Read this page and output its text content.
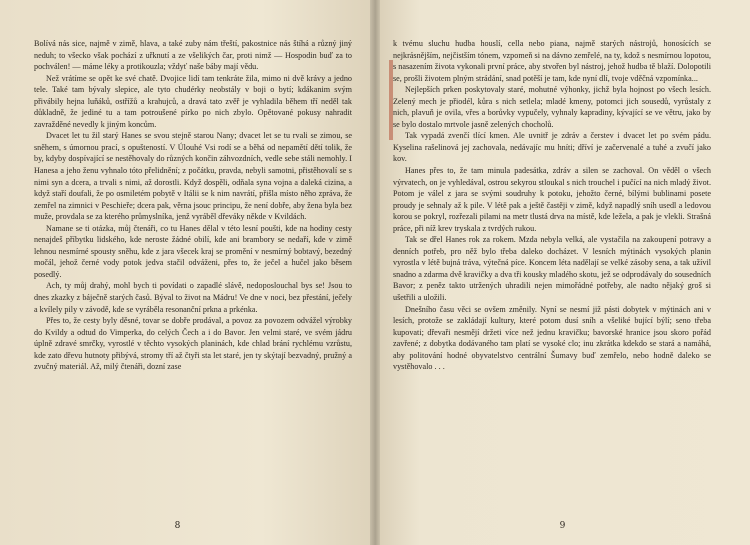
Bolívá nás sice, najmě v zimě, hlava, a také zuby nám třeští, pakostnice nás štíhá a různý jiný neduh; to všecko však pochází z uřknutí a ze všelikých čar, proti nimž — Hospodin buď za to pochválen! — máme léky a protikouzla; vždyť naše báby mají vědu.

Než vrátíme se opět ke své chatě. Dvojice lidí tam tenkráte žila, mimo ni dvě krávy a jedno tele. Také tam bývaly slepice, ale tyto chudérky neobstály v boji o bytí; kdákanim svým přivábily hejna luňáků, ostřížů a krahujců, a dravá tato zvěř je vyhladila během tří neděl tak důkladně, že jediné tu a tam potroušené pírko po nich zbylo. Opětované pokusy nahradit zavražděné nevedly k jiným koncům.

Dvacet let tu žil starý Hanes se svou stejně starou Nany; dvacet let se tu rvali se zimou, se sněhem, s úmornou prací, s opušteností. V Úlouhé Vsi rodí se a běhá od nepamětí dětí tolik, že by, kdyby dospívající se nestěhovaly do různých končin záhvozdních, vedle sebe stáli nemohly. I Hanesa a jeho ženu vyhnalo tóto přelidnění; z počátku, pravda, nebyli samotni, přistěhovalí se s nimi syn a dcera, a trvali s nimi, až dorostli. Když dospěli, odňala syna vojna a daleká cizina, a když staří doufali, že po osmiletém pobytě v Itálii se k nim navrátí, přišla místo něho zpráva, že zemřel na zimnici v Peschieře; dcera pak, věrna jsouc principu, že není dobře, aby žena byla bez muže, provdala se za kterého průmyslníka, jenž vyráběl dřeváky někde v Kvildách.

Namane se ti otázka, můj čtenáři, co tu Hanes dělal v této lesní poušti, kde na hodiny cesty nenajdeš příbytku lidského, kde neroste žádné obilí, kde ani brambory se nedaří, kde v zimě lehnou nesmírné spousty sněhu, kde z jara všecek kraj se promění v nesmírný bobtavý, bezedný močál, jehož černé vody potok jedva stačil odváženi, přes to, že ječel a hučel jako běsem posedlý.

Ach, ty můj drahý, mohl bych ti povídati o zapadlé slávě, nedoposlouchal bys se! Jsou to dnes zkazky z báječně starých časů. Býval to život na Mádru! Ve dne v noci, bez přestání, ječely a kvílely pily v závodě, kde se vyráběla resonanční prkna a prkénka.

Přes to, že cesty byly děsné, tovar se dobře prodával, a povoz za povozem odvážel výrobky do Kvildy a odtud do Vimperka, do celých Čech a i do Bavor. Jen velmi staré, ve svém jádru úplně zdravé smrčky, vyrostlé v těchto vysokých planinách, kde chlad brání rychlému vzrůstu, kde zato dřevu hutnoty přibývá, stromy tří až čtyři sta let staré, jen ty skýtají bezvadný, pružný a zvučný materiál. Až, milý čtenáři, dozní zase

8

k tvému sluchu hudba houslí, cella nebo piana, najmě starých nástrojů, honosících se nejkrásnějším, nejčistším tónem, vzpomeň si na dávno zemřelé, na ty, kdož s nesmírnou lopotou, s nasazením života vykonali první práce, aby stvořen byl nástroj, jehož hudba tě blaží. Dolopotili se, prošli životem plným strádání, snad potěší je tam, kde nyní dlí, tvoje vděčná vzpomínka...

Nejlepších prken poskytovaly staré, mohutné výhonky, jichž byla hojnost po všech lesích. Zelený mech je přiodél, kůra s nich setlela; mladé kmeny, potomci jich sousedů, vyrůstaly z nich, plavuň je ovila, vřes a borůvky vypučely, vyhnaly kapradiny, kývající se ve větru, jako by se bylo dostalo mrtvole jasně zelených chocholů.

Tak vypadá zvenčí tlící kmen. Ale uvnitř je zdráv a čerstev i dvacet let po svém pádu. Kyselina rašelinová jej zachovala, nedávajíc mu hníti; dříví je začervenalé a tuhé a zvučí jako kov.

Hanes přes to, že tam minula padesátka, zdráv a silen se zachoval. On věděl o všech výrvatech, on je vyhledával, ostrou sekyrou stloukal s nich trouchel i pučící na nich mladý život. Potom je válel z jara se svými soudruhy k potoku, jehožto černé, bílými bublinami posete proudy je sehnaly až k pile. V létě pak a ještě častěji v zimě, když napadlý sníh usedl a ledovou korou se pokryl, rozřezali pilami na metr tlustá drva na místě, kde ležela, a pak je vlekli. Strašná práce, při níž krev tryskala z tvrdých rukou.

Tak se dřel Hanes rok za rokem. Mzda nebyla velká, ale vystačila na zakoupení potravy a denních potřeb, pro něž bylo třeba daleko docházet. V lesních mýtinách vysokých planin vyrostla v létě bujná tráva, výtečná píce. Koncem léta nadělají se velké zásoby sena, a tak užívil snadno a zdarma dvě kravičky a dva tři kousky mladého skotu, jež se odprodávaly do sousedních Bavor; z peněz takto utržených uhradili nejen mimořádné potřeby, ale nadto nějaký groš si ušetřili a uložili.

Dnešního času věci se ovšem změnily. Nyní se nesmí již pásti dobytek v mýtinách ani v lesích, protože se zakládají kultury, které potom dusí sníh a všeliké bující býlí; seno třeba kupovati; dřevaři nesmějí držeti více než jednu kravičku; bavorské hranice jsou skoro pořád zavřené; z dobytka dodávaného tam platí se vysoké clo; inu zkrátka kdekdo se stará a namáhá, aby politování hodné obyvatelstvo centrální Šumavy buď zemřelo, nebo hodně daleko se vystěhovalo . . .

9
